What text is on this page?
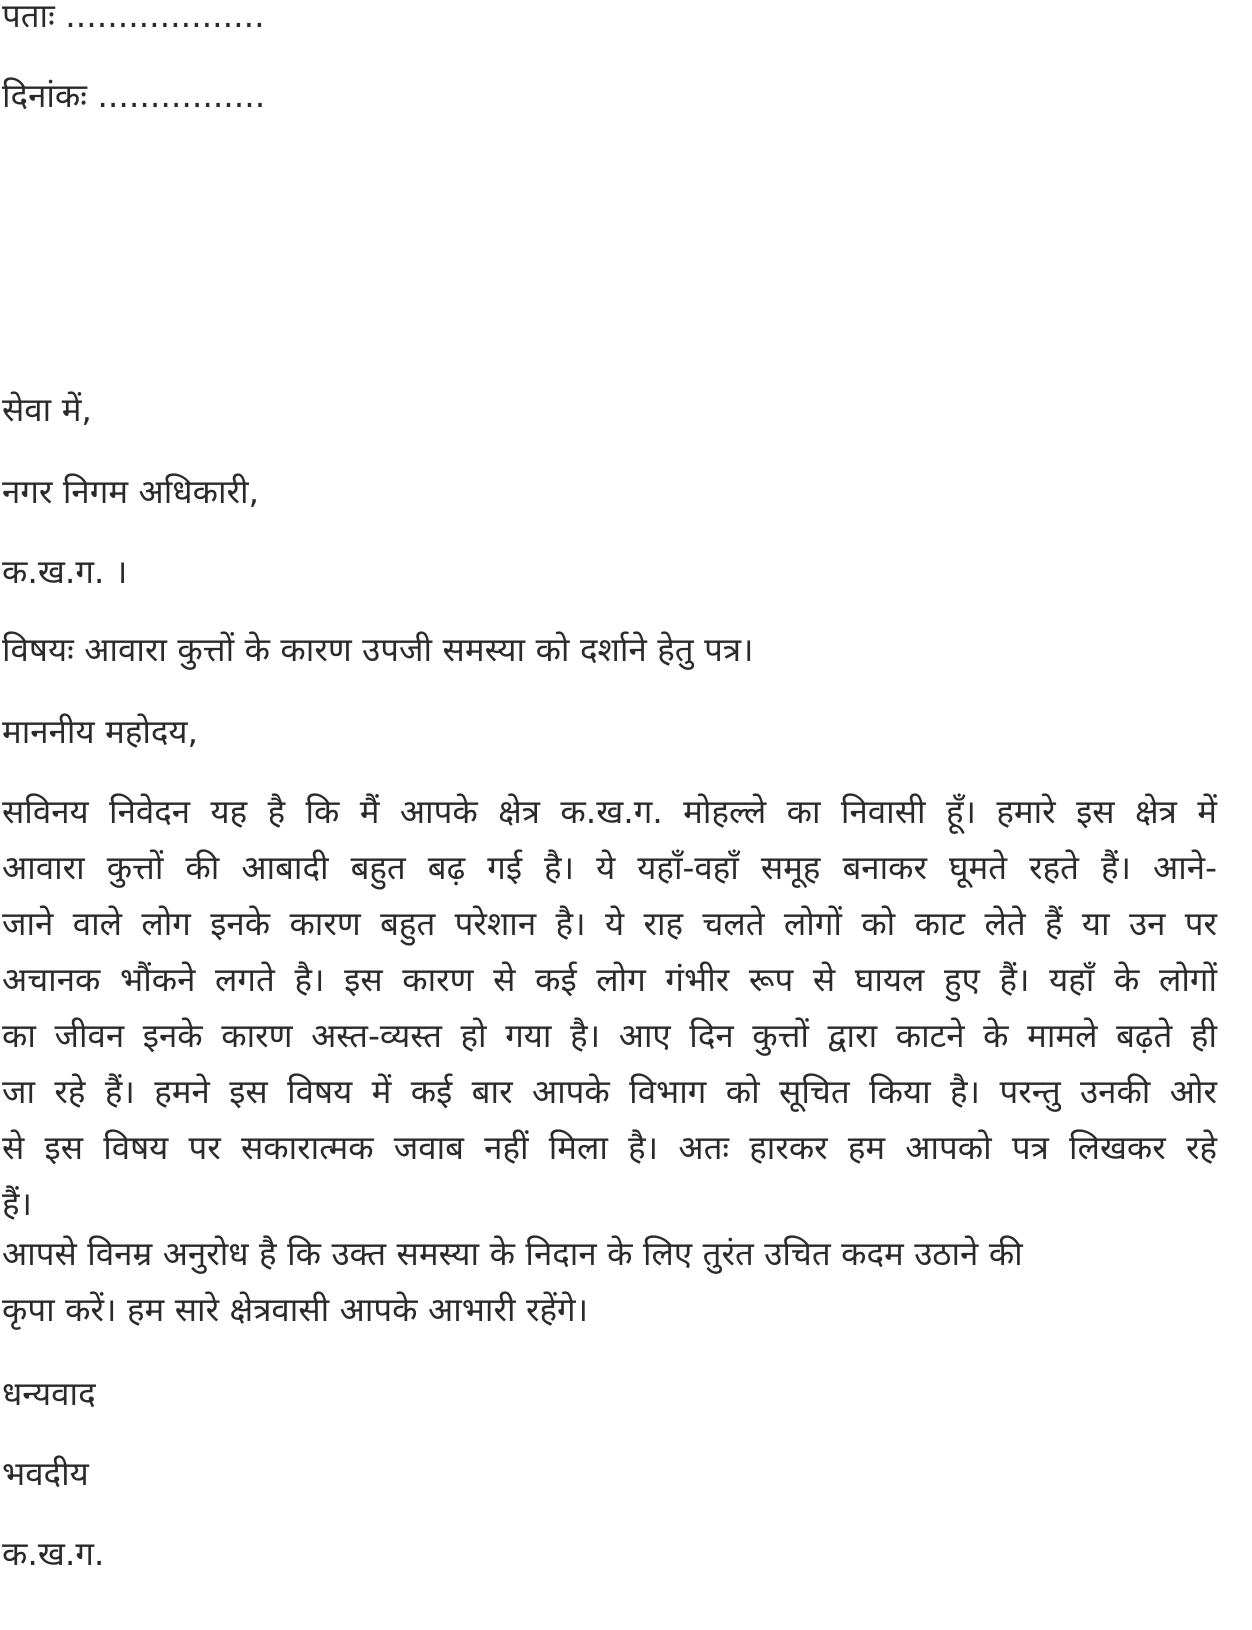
पताः ...................

दिनांकः ................

सेवा में,

नगर निगम अधिकारी,

क.ख.ग. ।

विषयः आवारा कुत्तों के कारण उपजी समस्या को दर्शाने हेतु पत्र।

माननीय महोदय,

सविनय निवेदन यह है कि मैं आपके क्षेत्र क.ख.ग. मोहल्ले का निवासी हूँ। हमारे इस क्षेत्र में
आवारा कुत्तों की आबादी बहुत बढ़ गई है। ये यहाँ-वहाँ समूह बनाकर घूमते रहते हैं। आने-
जाने वाले लोग इनके कारण बहुत परेशान है। ये राह चलते लोगों को काट लेते हैं या उन पर
अचानक भौंकने लगते है। इस कारण से कई लोग गंभीर रूप से घायल हुए हैं। यहाँ के लोगों
का जीवन इनके कारण अस्त-व्यस्त हो गया है। आए दिन कुत्तों द्वारा काटने के मामले बढ़ते ही
जा रहे हैं। हमने इस विषय में कई बार आपके विभाग को सूचित किया है। परन्तु उनकी ओर
से इस विषय पर सकारात्मक जवाब नहीं मिला है। अतः हारकर हम आपको पत्र लिखकर रहे
हैं।
आपसे विनम्र अनुरोध है कि उक्त समस्या के निदान के लिए तुरंत उचित कदम उठाने की
कृपा करें। हम सारे क्षेत्रवासी आपके आभारी रहेंगे।

धन्यवाद

भवदीय

क.ख.ग.
